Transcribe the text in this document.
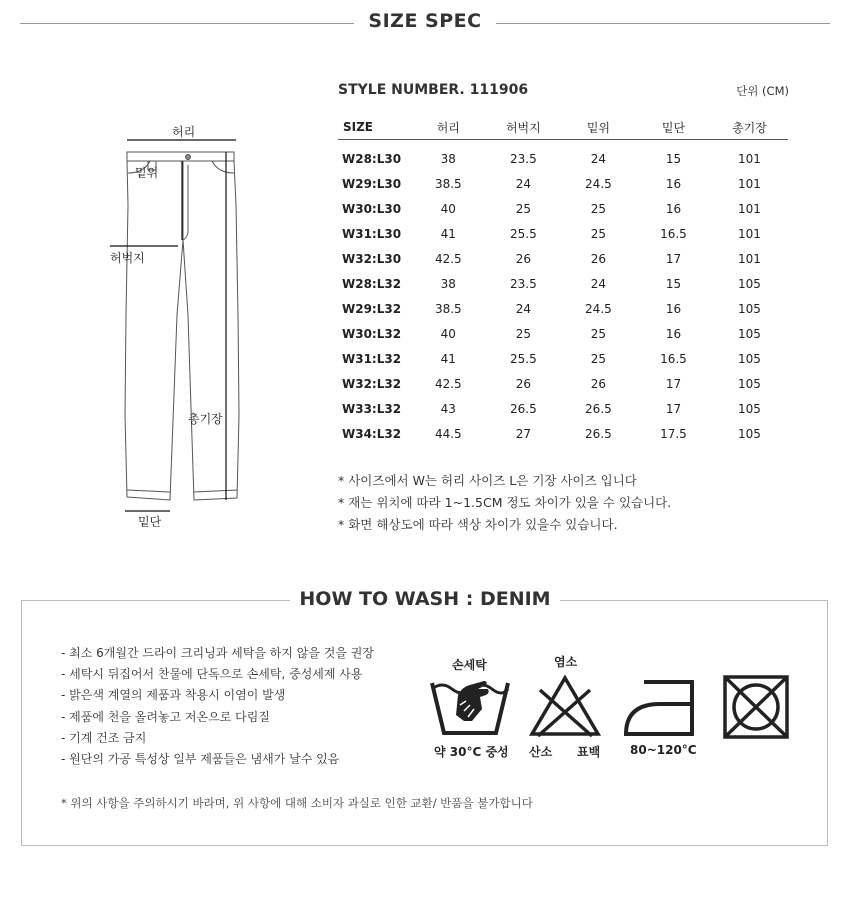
SIZE SPEC
허리
밑위
허벅지
총기장
밑단
STYLE NUMBER. 111906	단위 (CM)
SIZE	허리	허벅지	밑위	밑단	총기장
W28:L30	38	23.5	24	15	101
W29:L30	38.5	24	24.5	16	101
W30:L30	40	25	25	16	101
W31:L30	41	25.5	25	16.5	101
W32:L30	42.5	26	26	17	101
W28:L32	38	23.5	24	15	105
W29:L32	38.5	24	24.5	16	105
W30:L32	40	25	25	16	105
W31:L32	41	25.5	25	16.5	105
W32:L32	42.5	26	26	17	105
W33:L32	43	26.5	26.5	17	105
W34:L32	44.5	27	26.5	17.5	105
* 사이즈에서 W는 허리 사이즈 L은 기장 사이즈 입니다
* 재는 위치에 따라 1~1.5CM 정도 차이가 있을 수 있습니다.
* 화면 해상도에 따라 색상 차이가 있을수 있습니다.
HOW TO WASH : DENIM
- 최소 6개월간 드라이 크리닝과 세탁을 하지 않을 것을 권장
- 세탁시 뒤집어서 찬물에 단독으로 손세탁, 중성세제 사용
- 밝은색 계열의 제품과 착용시 이염이 발생
- 제품에 천을 올려놓고 저온으로 다림질
- 기계 건조 금지
- 원단의 가공 특성상 일부 제품들은 냄새가 날수 있음
* 위의 사항을 주의하시기 바라며, 위 사항에 대해 소비자 과실로 인한 교환/ 반품을 불가합니다
손세탁
약 30°C 중성
염소
산소 표백 80~120°C
